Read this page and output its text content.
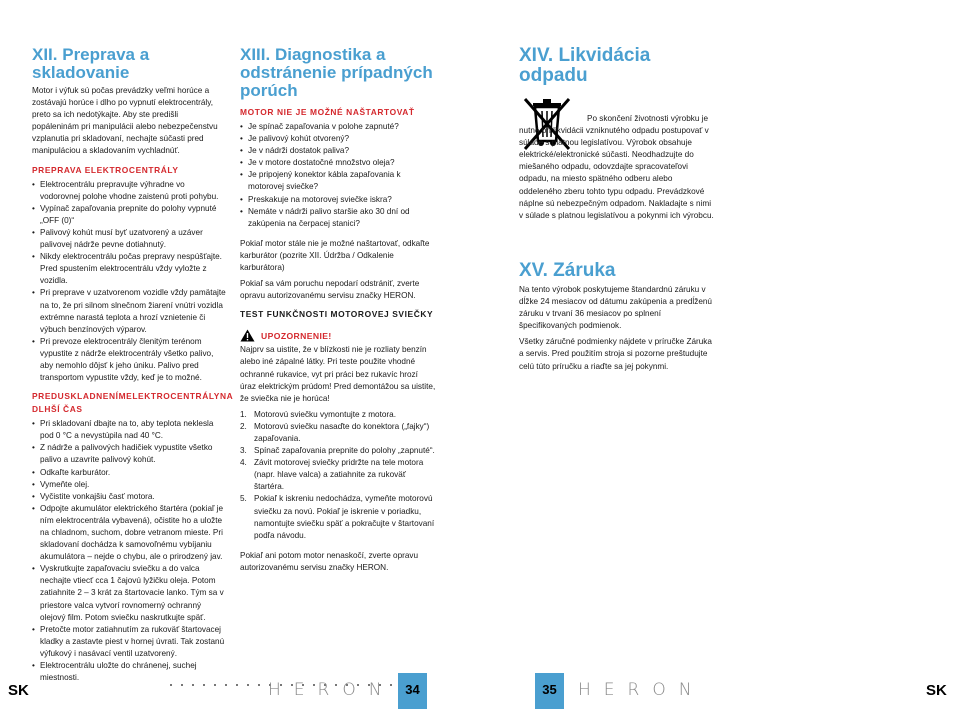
XII. Preprava a skladovanie
Motor i výfuk sú počas prevádzky veľmi horúce a zostávajú horúce i dlho po vypnutí elektrocentrály, preto sa ich nedotýkajte. Aby ste predišli popáleninám pri manipulácii alebo nebezpečenstvu vzplanutia pri skladovaní, nechajte súčasti pred manipuláciou a skladovaním vychladnúť.
PREPRAVA ELEKTROCENTRÁLY
• Elektrocentrálu prepravujte výhradne vo vodorovnej polohe vhodne zaistenú proti pohybu.
• Vypínač zapaľovania prepnite do polohy vypnuté „OFF (0)“
• Palivový kohút musí byť uzatvorený a uzáver palivovej nádrže pevne dotiahnutý.
• Nikdy elektrocentrálu počas prepravy nespúšťajte. Pred spustením elektrocentrálu vždy vyložte z vozidla.
• Pri preprave v uzatvorenom vozidle vždy pamätajte na to, že pri silnom slnečnom žiarení vnútri vozidla extrémne narastá teplota a hrozí vznietenie či výbuch benzínových výparov.
• Pri prevoze elektrocentrály členitým terénom vypustite z nádrže elektrocentrály všetko palivo, aby nemohlo dôjsť k jeho úniku. Palivo pred transportom vypustite vždy, keď je to možné.
PREDUSKLADNENÍMELEKTROCENTRÁLYNA DLHŠÍ ČAS
• Pri skladovaní dbajte na to, aby teplota neklesla pod 0 °C a nevystúpila nad 40 °C.
• Z nádrže a palivových hadičiek vypustite všetko palivo a uzavrite palivový kohút.
• Odkaľte karburátor.
• Vymeňte olej.
• Vyčistite vonkajšiu časť motora.
• Odpojte akumulátor elektrického štartéra (pokiaľ je ním elektrocentrála vybavená), očistite ho a uložte na chladnom, suchom, dobre vetranom mieste. Pri skladovaní dochádza k samovoľnému vybíjaniu akumulátora – nejde o chybu, ale o prirodzený jav.
• Vyskrutkujte zapaľovaciu sviečku a do valca nechajte vtiecť cca 1 čajovú lyžičku oleja. Potom zatiahnite 2 – 3 krát za štartovacie lanko. Tým sa v priestore valca vytvorí rovnomerný ochranný olejový film. Potom sviečku naskrutkujte späť.
• Pretočte motor zatiahnutím za rukoväť štartovacej kladky a zastavte piest v hornej úvrati. Tak zostanú výfukový i nasávací ventil uzatvorený.
• Elektrocentrálu uložte do chránenej, suchej miestnosti.
XIII. Diagnostika a odstránenie prípadných porúch
MOTOR NIE JE MOŽNÉ NAŠTARTOVAŤ
• Je spínač zapaľovania v polohe zapnuté?
• Je palivový kohút otvorený?
• Je v nádrži dostatok paliva?
• Je v motore dostatočné množstvo oleja?
• Je pripojený konektor kábla zapaľovania k motorovej sviečke?
• Preskakuje na motorovej sviečke iskra?
• Nemáte v nádrži palivo staršie ako 30 dní od zakúpenia na čerpacej stanici?
Pokiaľ motor stále nie je možné naštartovať, odkaľte karburátor (pozrite XII. Údržba / Odkalenie karburátora)
Pokiaľ sa vám poruchu nepodarí odstrániť, zverte opravu autorizovanému servisu značky HERON.
TEST FUNKČNOSTI MOTOROVEJ SVIEČKY
UPOZORNENIE!
Najprv sa uistite, že v blízkosti nie je rozliaty benzín alebo iné zápalné látky. Pri teste použite vhodné ochranné rukavice, vyt pri práci bez rukavíc hrozí úraz elektrickým prúdom! Pred demontážou sa uistite, že sviečka nie je horúca!
1. Motorovú sviečku vymontujte z motora.
2. Motorovú sviečku nasaďte do konektora („fajky“) zapaľovania.
3. Spínač zapaľovania prepnite do polohy „zapnuté“.
4. Závit motorovej sviečky pridržte na tele motora (napr. hlave valca) a zatiahnite za rukoväť štartéra.
5. Pokiaľ k iskreniu nedochádza, vymeňte motorovú sviečku za novú. Pokiaľ je iskrenie v poriadku, namontujte sviečku späť a pokračujte v štartovaní podľa návodu.
Pokiaľ ani potom motor nenaskočí, zverte opravu autorizovanému servisu značky HERON.
XIV. Likvidácia odpadu
Po skončení životnosti výrobku je nutné pri likvidácii vzniknutého odpadu postupovať v súlade s platnou legislatívou. Výrobok obsahuje elektrické/elektronické súčasti. Neodhadzujte do miešaného odpadu, odovzdajte spracovateľovi odpadu, na miesto spätného odberu alebo oddeleného zberu tohto typu odpadu. Prevádzkové náplne sú nebezpečným odpadom. Nakladajte s nimi v súlade s platnou legislatívou a pokynmi ich výrobcu.
XV. Záruka
Na tento výrobok poskytujeme štandardnú záruku v dĺžke 24 mesiacov od dátumu zakúpenia a predĺženú záruku v trvaní 36 mesiacov po splnení špecifikovaných podmienok.
Všetky záručné podmienky nájdete v príručke Záruka a servis. Pred použitím stroja si pozorne preštudujte celú túto príručku a riaďte sa jej pokynmi.
SK	HERON 34	35	HERON	SK
